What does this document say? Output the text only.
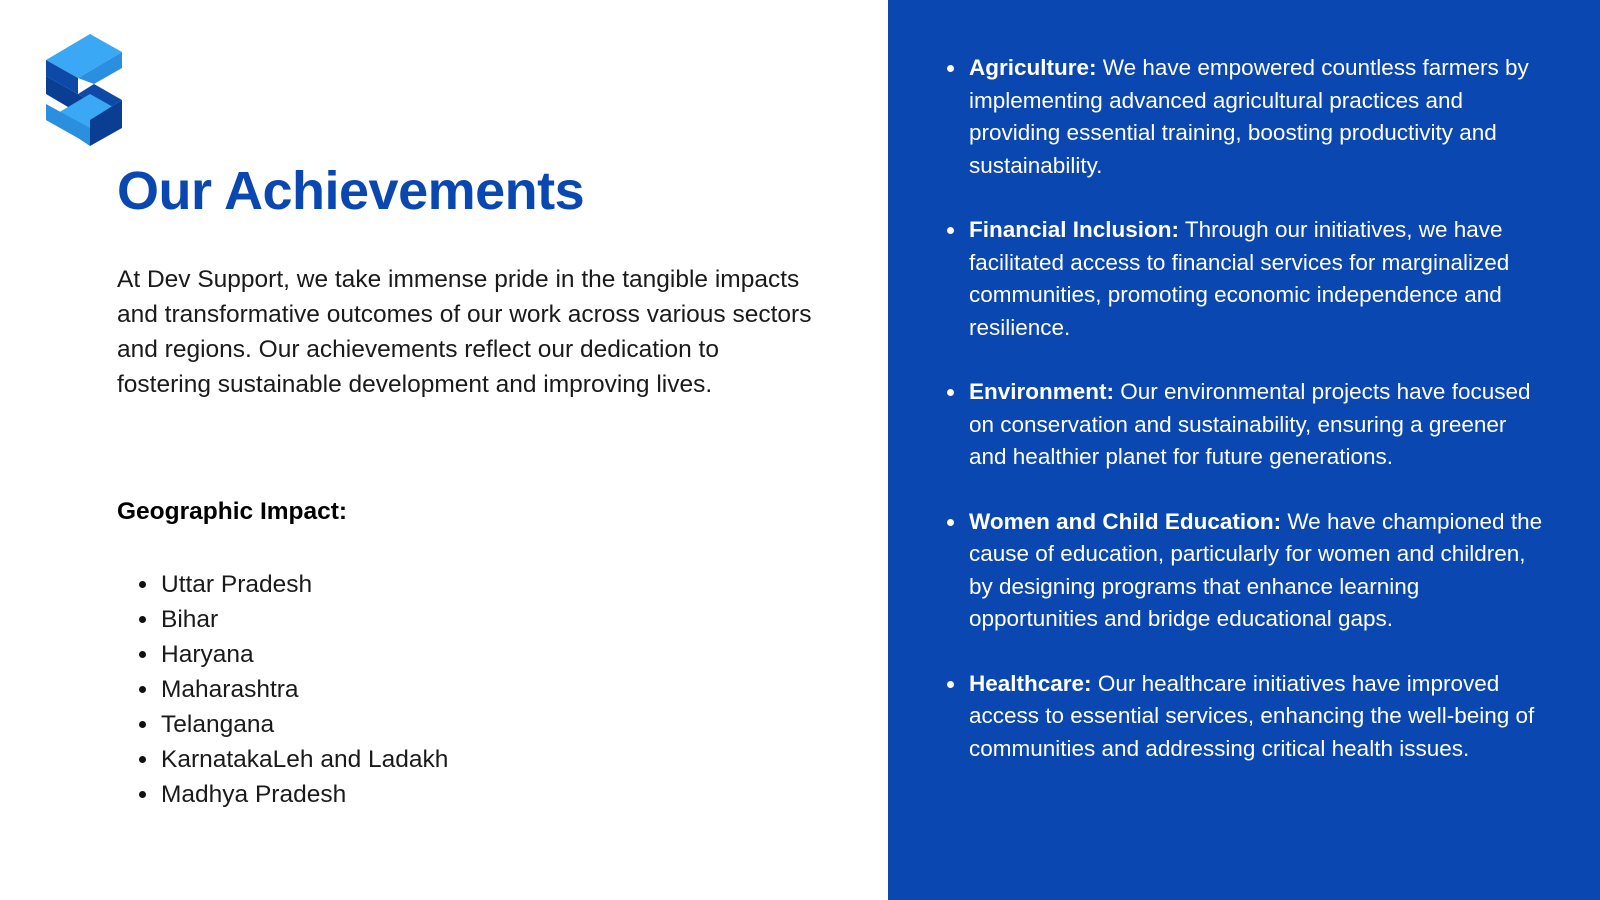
Our Achievements

At Dev Support, we take immense pride in the tangible impacts and transformative outcomes of our work across various sectors and regions. Our achievements reflect our dedication to fostering sustainable development and improving lives.

Geographic Impact:
Uttar Pradesh
Bihar
Haryana
Maharashtra
Telangana
KarnatakaLeh and Ladakh
Madhya Pradesh
Agriculture: We have empowered countless farmers by implementing advanced agricultural practices and providing essential training, boosting productivity and sustainability.
Financial Inclusion: Through our initiatives, we have facilitated access to financial services for marginalized communities, promoting economic independence and resilience.
Environment: Our environmental projects have focused on conservation and sustainability, ensuring a greener and healthier planet for future generations.
Women and Child Education: We have championed the cause of education, particularly for women and children, by designing programs that enhance learning opportunities and bridge educational gaps.
Healthcare: Our healthcare initiatives have improved access to essential services, enhancing the well-being of communities and addressing critical health issues.
